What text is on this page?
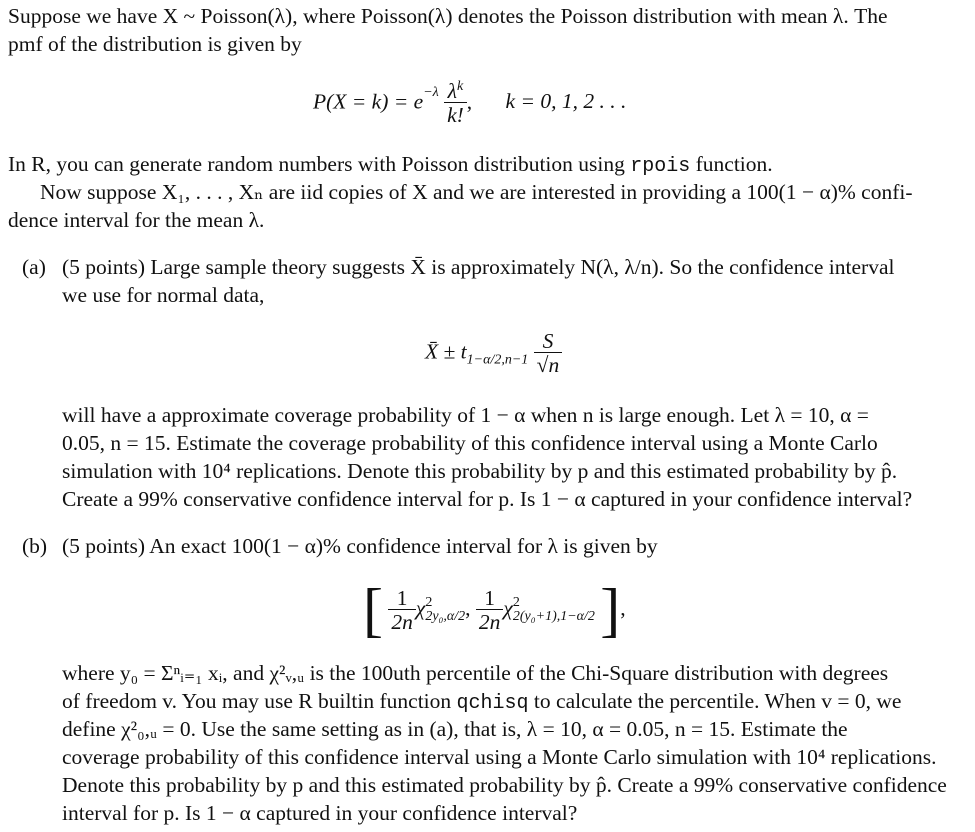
Suppose we have X ~ Poisson(λ), where Poisson(λ) denotes the Poisson distribution with mean λ. The
pmf of the distribution is given by
$P(X = k) = e^{-\lambda} \frac{\lambda^k}{k!}$ , k = 0, 1, 2 . . .
In R, you can generate random numbers with Poisson distribution using rpois function.
Now suppose X₁, . . . , Xₙ are iid copies of X and we are interested in providing a 100(1 − α)% confi-
dence interval for the mean λ.
(a) (5 points) Large sample theory suggests X̄ is approximately N(λ, λ/n). So the confidence interval
we use for normal data,
X̄ ± $t_{1-\alpha/2,n-1} \frac{S}{√n}$
will have a approximate coverage probability of 1 − α when n is large enough. Let λ = 10, α =
0.05, n = 15. Estimate the coverage probability of this confidence interval using a Monte Carlo
simulation with 10⁴ replications. Denote this probability by p and this estimated probability by p̂.
Create a 99% conservative confidence interval for p. Is 1 − α captured in your confidence interval?
(b) (5 points) An exact 100(1 − α)% confidence interval for λ is given by
[ $\frac{1}{2n}$ χ 2
2y₀,α/2 , $\frac{1}{2n}$ χ 2
2(y₀+1),1−α/2 ],
where y₀ = Σⁿᵢ₌₁ xᵢ, and χ²ᵥ,ᵤ is the 100uth percentile of the Chi-Square distribution with degrees
of freedom v. You may use R builtin function qchisq to calculate the percentile. When v = 0, we
define χ²₀,ᵤ = 0. Use the same setting as in (a), that is, λ = 10, α = 0.05, n = 15. Estimate the
coverage probability of this confidence interval using a Monte Carlo simulation with 10⁴ replications.
Denote this probability by p and this estimated probability by p̂. Create a 99% conservative confidence
interval for p. Is 1 − α captured in your confidence interval?
